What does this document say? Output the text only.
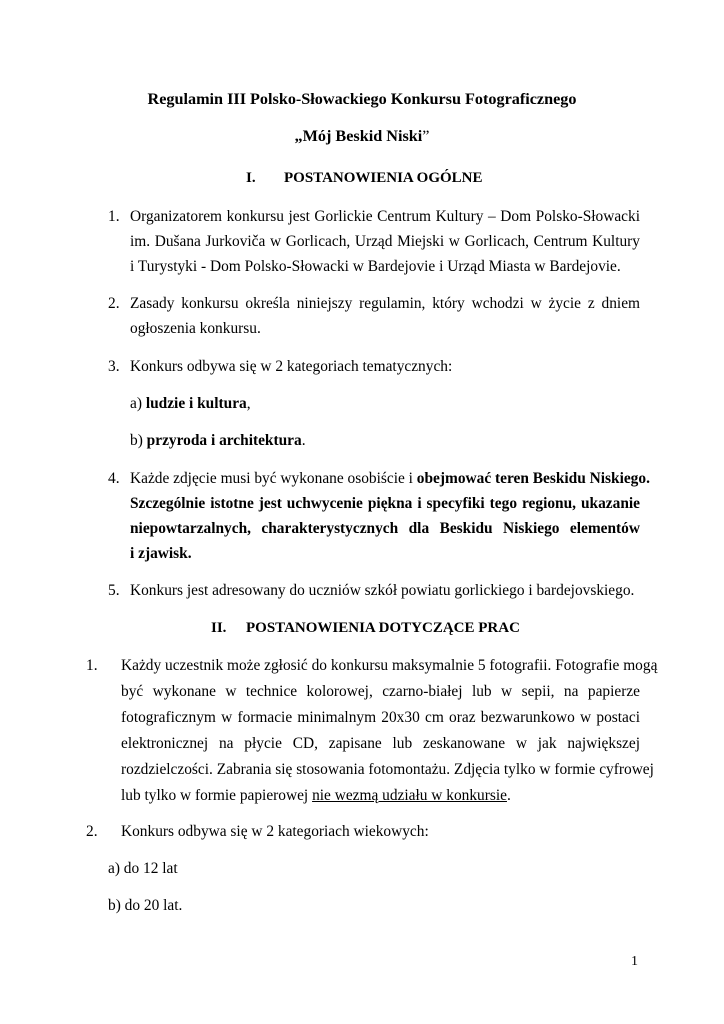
Regulamin III Polsko-Słowackiego Konkursu Fotograficznego
„Mój Beskid Niski”
I. POSTANOWIENIA OGÓLNE
1. Organizatorem konkursu jest Gorlickie Centrum Kultury – Dom Polsko-Słowacki
im. Dušana Jurkoviča w Gorlicach, Urząd Miejski w Gorlicach, Centrum Kultury
i Turystyki - Dom Polsko-Słowacki w Bardejovie i Urząd Miasta w Bardejovie.
2. Zasady konkursu określa niniejszy regulamin, który wchodzi w życie z dniem
ogłoszenia konkursu.
3. Konkurs odbywa się w 2 kategoriach tematycznych:
a) ludzie i kultura,
b) przyroda i architektura.
4. Każde zdjęcie musi być wykonane osobiście i obejmować teren Beskidu Niskiego.
Szczególnie istotne jest uchwycenie piękna i specyfiki tego regionu, ukazanie
niepowtarzalnych, charakterystycznych dla Beskidu Niskiego elementów
i zjawisk.
5. Konkurs jest adresowany do uczniów szkół powiatu gorlickiego i bardejovskiego.
II. POSTANOWIENIA DOTYCZĄCE PRAC
1. Każdy uczestnik może zgłosić do konkursu maksymalnie 5 fotografii. Fotografie mogą
być wykonane w technice kolorowej, czarno-białej lub w sepii, na papierze
fotograficznym w formacie minimalnym 20x30 cm oraz bezwarunkowo w postaci
elektronicznej na płycie CD, zapisane lub zeskanowane w jak największej
rozdzielczości. Zabrania się stosowania fotomontażu. Zdjęcia tylko w formie cyfrowej
lub tylko w formie papierowej nie wezmą udziału w konkursie.
2. Konkurs odbywa się w 2 kategoriach wiekowych:
a) do 12 lat
b) do 20 lat.
1
